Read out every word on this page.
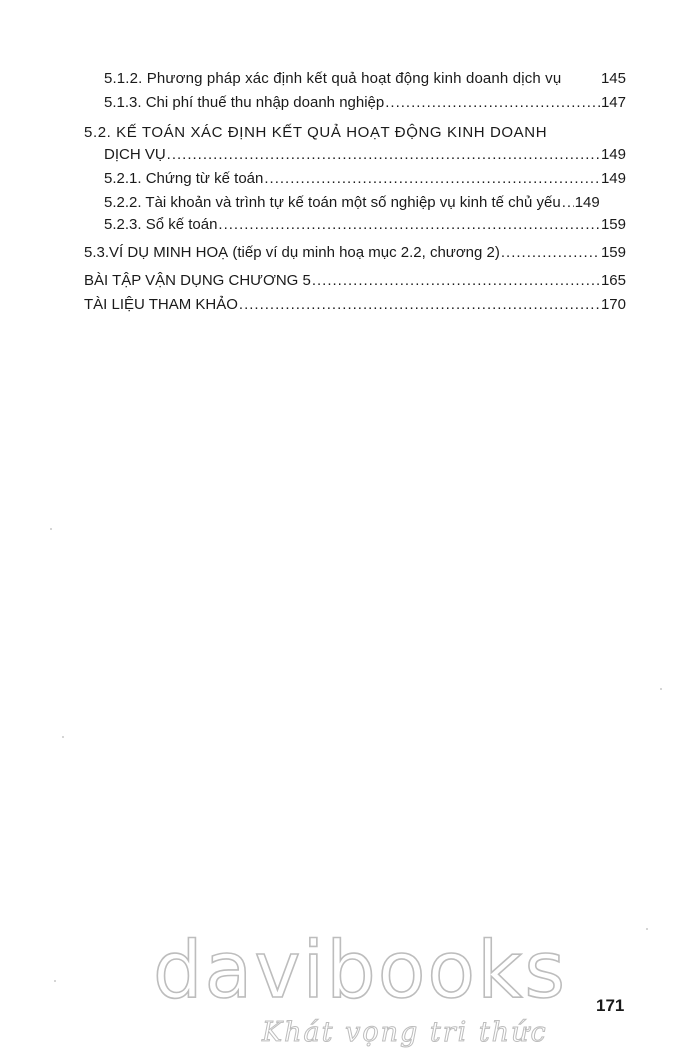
5.1.2. Phương pháp xác định kết quả hoạt động kinh doanh dịch vụ	145
5.1.3. Chi phí thuế thu nhập doanh nghiệp .....	147
5.2. KẾ TOÁN XÁC ĐỊNH KẾT QUẢ HOẠT ĐỘNG KINH DOANH
DỊCH VỤ .....	149
5.2.1. Chứng từ kế toán .....	149
5.2.2. Tài khoản và trình tự kế toán một số nghiệp vụ kinh tế chủ yếu ..... 149
5.2.3. Sổ kế toán .....	159
5.3.VÍ DỤ MINH HOẠ (tiếp ví dụ minh hoạ mục 2.2, chương 2) .....	159
BÀI TẬP VẬN DỤNG CHƯƠNG 5 .....	165
TÀI LIỆU THAM KHẢO .....	170
davibooks
Khát vọng tri thức
171
